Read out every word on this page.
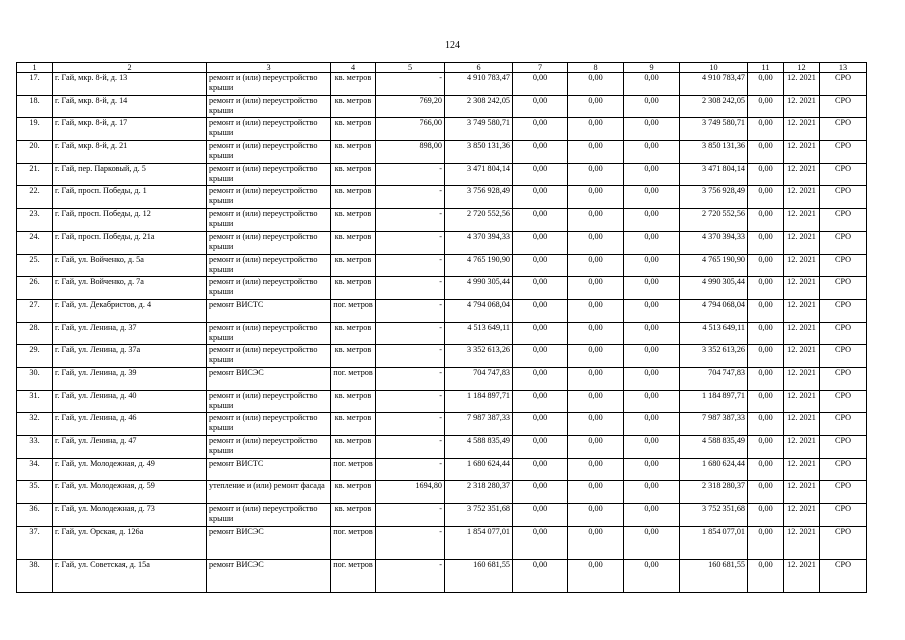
124
1	2	3	4	5	6	7	8	9	10	11	12	13
17.	г. Гай, мкр. 8-й, д. 13	ремонт и (или) переустройство крыши	кв. метров	-	4 910 783,47	0,00	0,00	0,00	4 910 783,47	0,00	12. 2021	СРО
18.	г. Гай, мкр. 8-й, д. 14	ремонт и (или) переустройство крыши	кв. метров	769,20	2 308 242,05	0,00	0,00	0,00	2 308 242,05	0,00	12. 2021	СРО
19.	г. Гай, мкр. 8-й, д. 17	ремонт и (или) переустройство крыши	кв. метров	766,00	3 749 580,71	0,00	0,00	0,00	3 749 580,71	0,00	12. 2021	СРО
20.	г. Гай, мкр. 8-й, д. 21	ремонт и (или) переустройство крыши	кв. метров	898,00	3 850 131,36	0,00	0,00	0,00	3 850 131,36	0,00	12. 2021	СРО
21.	г. Гай, пер. Парковый, д. 5	ремонт и (или) переустройство крыши	кв. метров	-	3 471 804,14	0,00	0,00	0,00	3 471 804,14	0,00	12. 2021	СРО
22.	г. Гай, просп. Победы, д. 1	ремонт и (или) переустройство крыши	кв. метров	-	3 756 928,49	0,00	0,00	0,00	3 756 928,49	0,00	12. 2021	СРО
23.	г. Гай, просп. Победы, д. 12	ремонт и (или) переустройство крыши	кв. метров	-	2 720 552,56	0,00	0,00	0,00	2 720 552,56	0,00	12. 2021	СРО
24.	г. Гай, просп. Победы, д. 21а	ремонт и (или) переустройство крыши	кв. метров	-	4 370 394,33	0,00	0,00	0,00	4 370 394,33	0,00	12. 2021	СРО
25.	г. Гай, ул. Войченко, д. 5а	ремонт и (или) переустройство крыши	кв. метров	-	4 765 190,90	0,00	0,00	0,00	4 765 190,90	0,00	12. 2021	СРО
26.	г. Гай, ул. Войченко, д. 7а	ремонт и (или) переустройство крыши	кв. метров	-	4 990 305,44	0,00	0,00	0,00	4 990 305,44	0,00	12. 2021	СРО
27.	г. Гай, ул. Декабристов, д. 4	ремонт ВИСТС	пог. метров	-	4 794 068,04	0,00	0,00	0,00	4 794 068,04	0,00	12. 2021	СРО
28.	г. Гай, ул. Ленина, д. 37	ремонт и (или) переустройство крыши	кв. метров	-	4 513 649,11	0,00	0,00	0,00	4 513 649,11	0,00	12. 2021	СРО
29.	г. Гай, ул. Ленина, д. 37а	ремонт и (или) переустройство крыши	кв. метров	-	3 352 613,26	0,00	0,00	0,00	3 352 613,26	0,00	12. 2021	СРО
30.	г. Гай, ул. Ленина, д. 39	ремонт ВИСЭС	пог. метров	-	704 747,83	0,00	0,00	0,00	704 747,83	0,00	12. 2021	СРО
31.	г. Гай, ул. Ленина, д. 40	ремонт и (или) переустройство крыши	кв. метров	-	1 184 897,71	0,00	0,00	0,00	1 184 897,71	0,00	12. 2021	СРО
32.	г. Гай, ул. Ленина, д. 46	ремонт и (или) переустройство крыши	кв. метров	-	7 987 387,33	0,00	0,00	0,00	7 987 387,33	0,00	12. 2021	СРО
33.	г. Гай, ул. Ленина, д. 47	ремонт и (или) переустройство крыши	кв. метров	-	4 588 835,49	0,00	0,00	0,00	4 588 835,49	0,00	12. 2021	СРО
34.	г. Гай, ул. Молодежная, д. 49	ремонт ВИСТС	пог. метров	-	1 680 624,44	0,00	0,00	0,00	1 680 624,44	0,00	12. 2021	СРО
35.	г. Гай, ул. Молодежная, д. 59	утепление и (или) ремонт фасада	кв. метров	1694,80	2 318 280,37	0,00	0,00	0,00	2 318 280,37	0,00	12. 2021	СРО
36.	г. Гай, ул. Молодежная, д. 73	ремонт и (или) переустройство крыши	кв. метров	-	3 752 351,68	0,00	0,00	0,00	3 752 351,68	0,00	12. 2021	СРО
37.	г. Гай, ул. Орская, д. 126а	ремонт ВИСЭС	пог. метров	-	1 854 077,01	0,00	0,00	0,00	1 854 077,01	0,00	12. 2021	СРО
38.	г. Гай, ул. Советская, д. 15а	ремонт ВИСЭС	пог. метров	-	160 681,55	0,00	0,00	0,00	160 681,55	0,00	12. 2021	СРО
